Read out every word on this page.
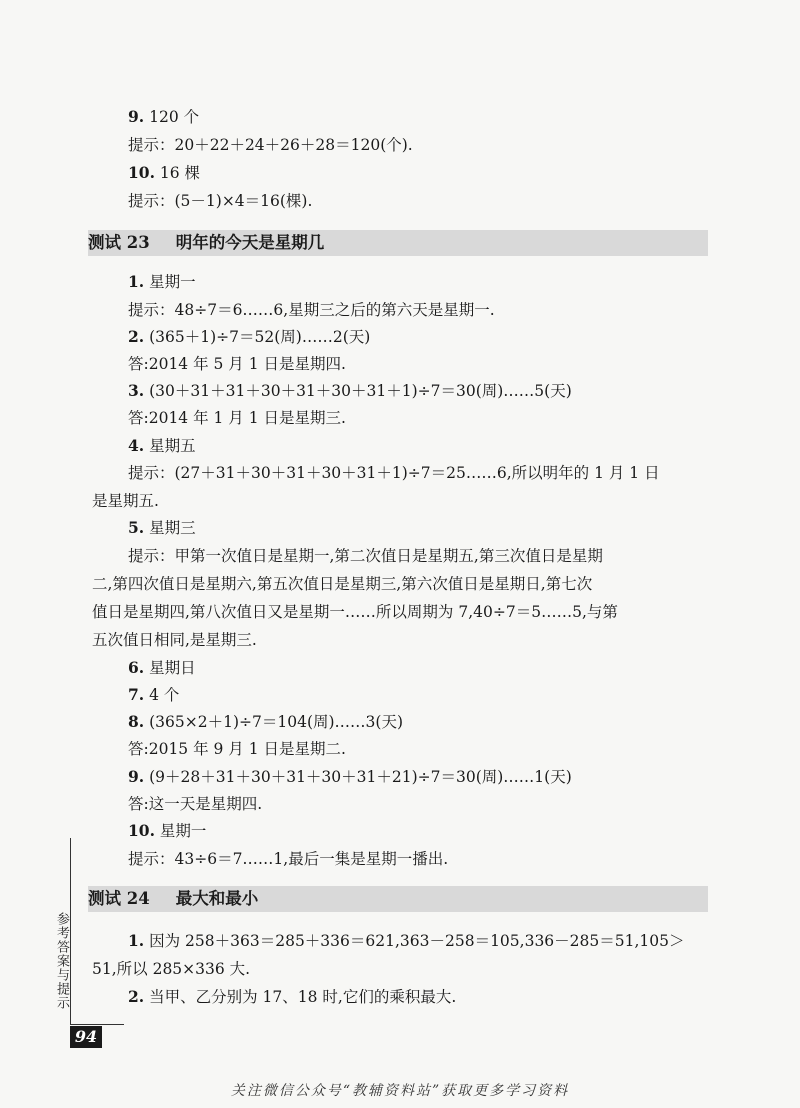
9. 120 个
提示：20＋22＋24＋26＋28＝120(个).
10. 16 棵
提示：(5－1)×4＝16(棵).
测试 23 明年的今天是星期几
1. 星期一
提示：48÷7＝6……6,星期三之后的第六天是星期一.
2. (365＋1)÷7＝52(周)……2(天)
答:2014 年 5 月 1 日是星期四.
3. (30＋31＋31＋30＋31＋30＋31＋1)÷7＝30(周)……5(天)
答:2014 年 1 月 1 日是星期三.
4. 星期五
提示：(27＋31＋30＋31＋30＋31＋1)÷7＝25……6,所以明年的 1 月 1 日
是星期五.
5. 星期三
提示：甲第一次值日是星期一,第二次值日是星期五,第三次值日是星期
二,第四次值日是星期六,第五次值日是星期三,第六次值日是星期日,第七次
值日是星期四,第八次值日又是星期一……所以周期为 7,40÷7＝5……5,与第
五次值日相同,是星期三.
6. 星期日
7. 4 个
8. (365×2＋1)÷7＝104(周)……3(天)
答:2015 年 9 月 1 日是星期二.
9. (9＋28＋31＋30＋31＋30＋31＋21)÷7＝30(周)……1(天)
答:这一天是星期四.
10. 星期一
提示：43÷6＝7……1,最后一集是星期一播出.
测试 24 最大和最小
1. 因为 258＋363＝285＋336＝621,363－258＝105,336－285＝51,105＞
51,所以 285×336 大.
2. 当甲、乙分别为 17、18 时,它们的乘积最大.
参考答案与提示
94
关注微信公众号“教辅资料站”获取更多学习资料
